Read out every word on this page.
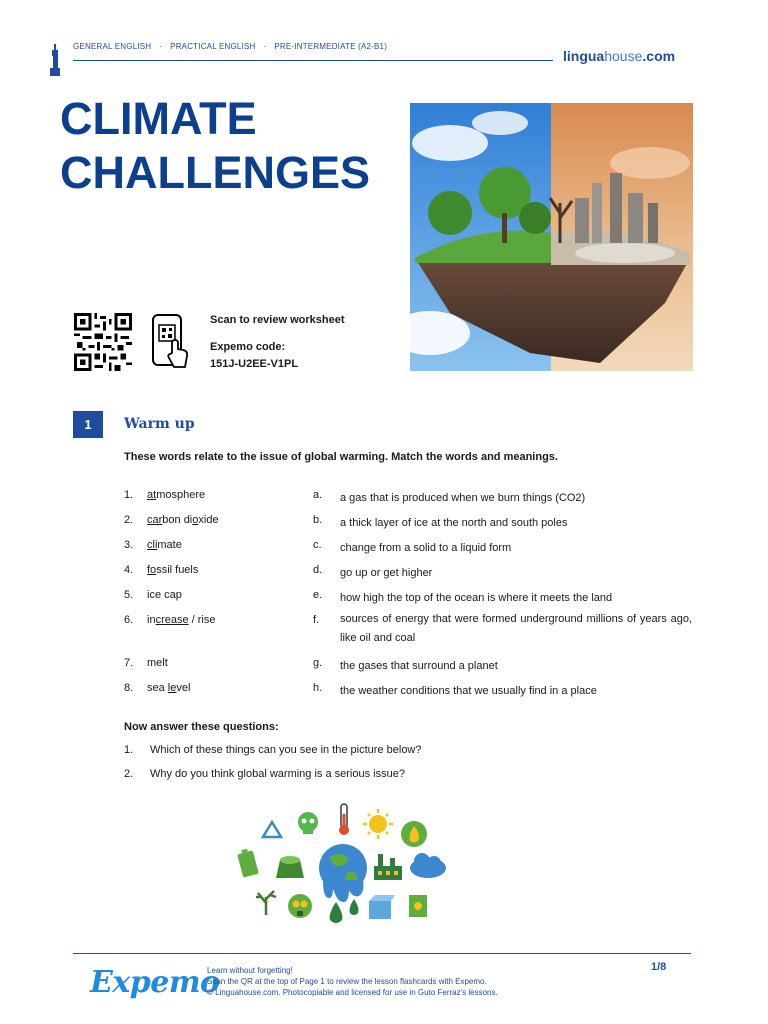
GENERAL ENGLISH · PRACTICAL ENGLISH · PRE-INTERMEDIATE (A2-B1)
linguahouse.com
CLIMATE
CHALLENGES
Scan to review worksheet
Expemo code:
151J-U2EE-V1PL
1	Warm up
These words relate to the issue of global warming. Match the words and meanings.
1.	atmosphere	a.	a gas that is produced when we burn things (CO2)
2.	carbon dioxide	b.	a thick layer of ice at the north and south poles
3.	climate	c.	change from a solid to a liquid form
4.	fossil fuels	d.	go up or get higher
5.	ice cap	e.	how high the top of the ocean is where it meets the land
6.	increase / rise	f.	sources of energy that were formed underground millions of years ago, like oil and coal
7.	melt	g.	the gases that surround a planet
8.	sea level	h.	the weather conditions that we usually find in a place
Now answer these questions:
1. Which of these things can you see in the picture below?
2. Why do you think global warming is a serious issue?
Expemo
Learn without forgetting!
Scan the QR at the top of Page 1 to review the lesson flashcards with Expemo.
© Linguahouse.com. Photocopiable and licensed for use in Guto Ferraz's lessons.
1/8
